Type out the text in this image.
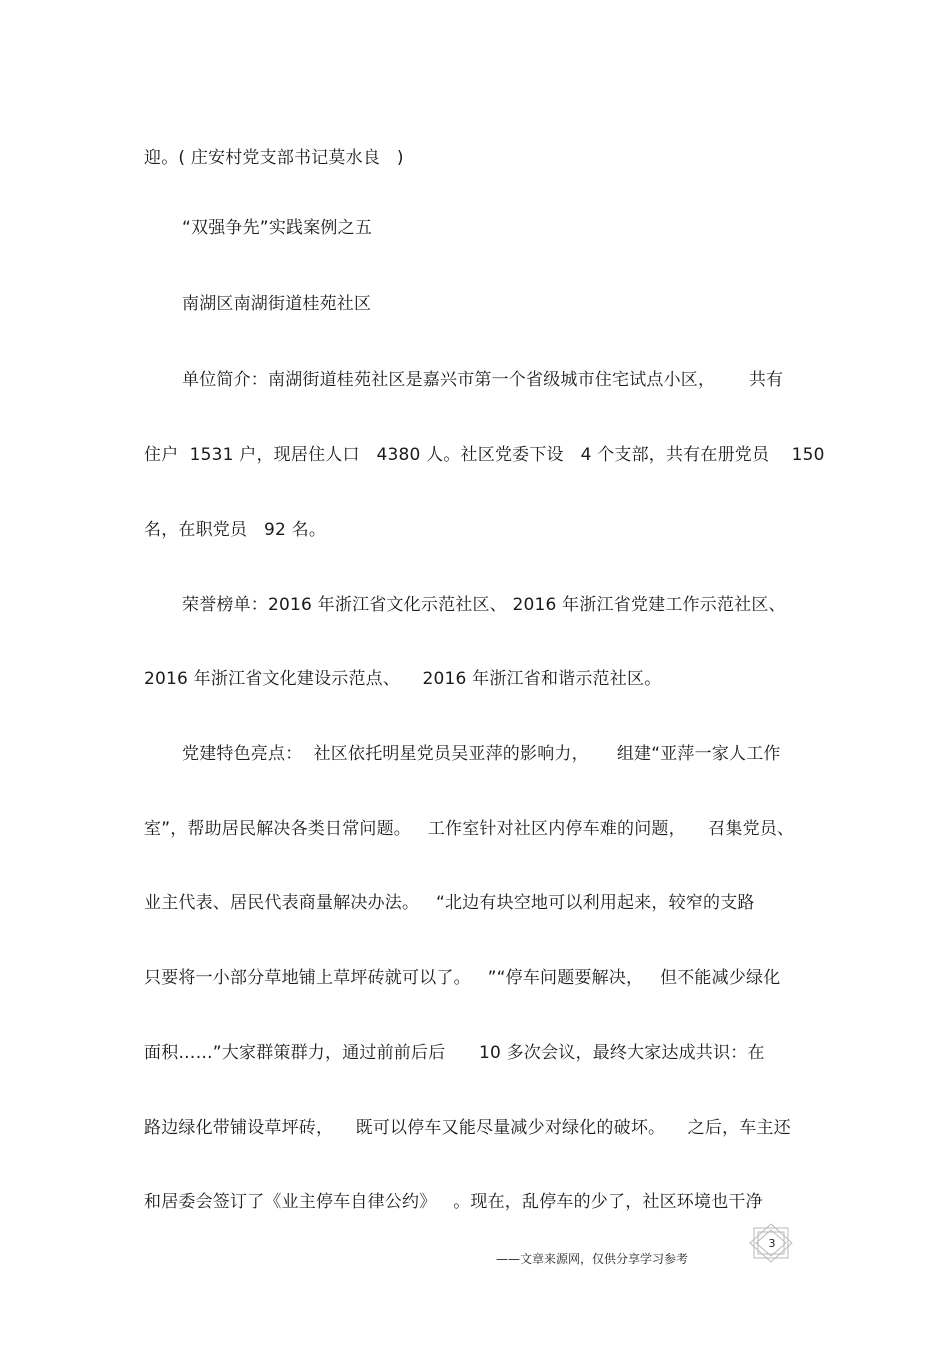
迎。( 庄安村党支部书记莫水良   )
“双强争先”实践案例之五
南湖区南湖街道桂苑社区
单位简介：南湖街道桂苑社区是嘉兴市第一个省级城市住宅试点小区，      共有
住户  1531 户，现居住人口   4380 人。社区党委下设   4 个支部，共有在册党员    150
名，在职党员   92 名。
荣誉榜单：2016 年浙江省文化示范社区、 2016 年浙江省党建工作示范社区、
2016 年浙江省文化建设示范点、    2016 年浙江省和谐示范社区。
党建特色亮点：  社区依托明星党员吴亚萍的影响力，     组建“亚萍一家人工作
室”，帮助居民解决各类日常问题。   工作室针对社区内停车难的问题，    召集党员、
业主代表、居民代表商量解决办法。   “北边有块空地可以利用起来，较窄的支路
只要将一小部分草地铺上草坪砖就可以了。   ”“停车问题要解决，   但不能减少绿化
面积……”大家群策群力，通过前前后后      10 多次会议，最终大家达成共识：在
路边绿化带铺设草坪砖，    既可以停车又能尽量减少对绿化的破坏。    之后，车主还
和居委会签订了《业主停车自律公约》   。现在，乱停车的少了，社区环境也干净
——文章来源网，仅供分享学习参考
3
